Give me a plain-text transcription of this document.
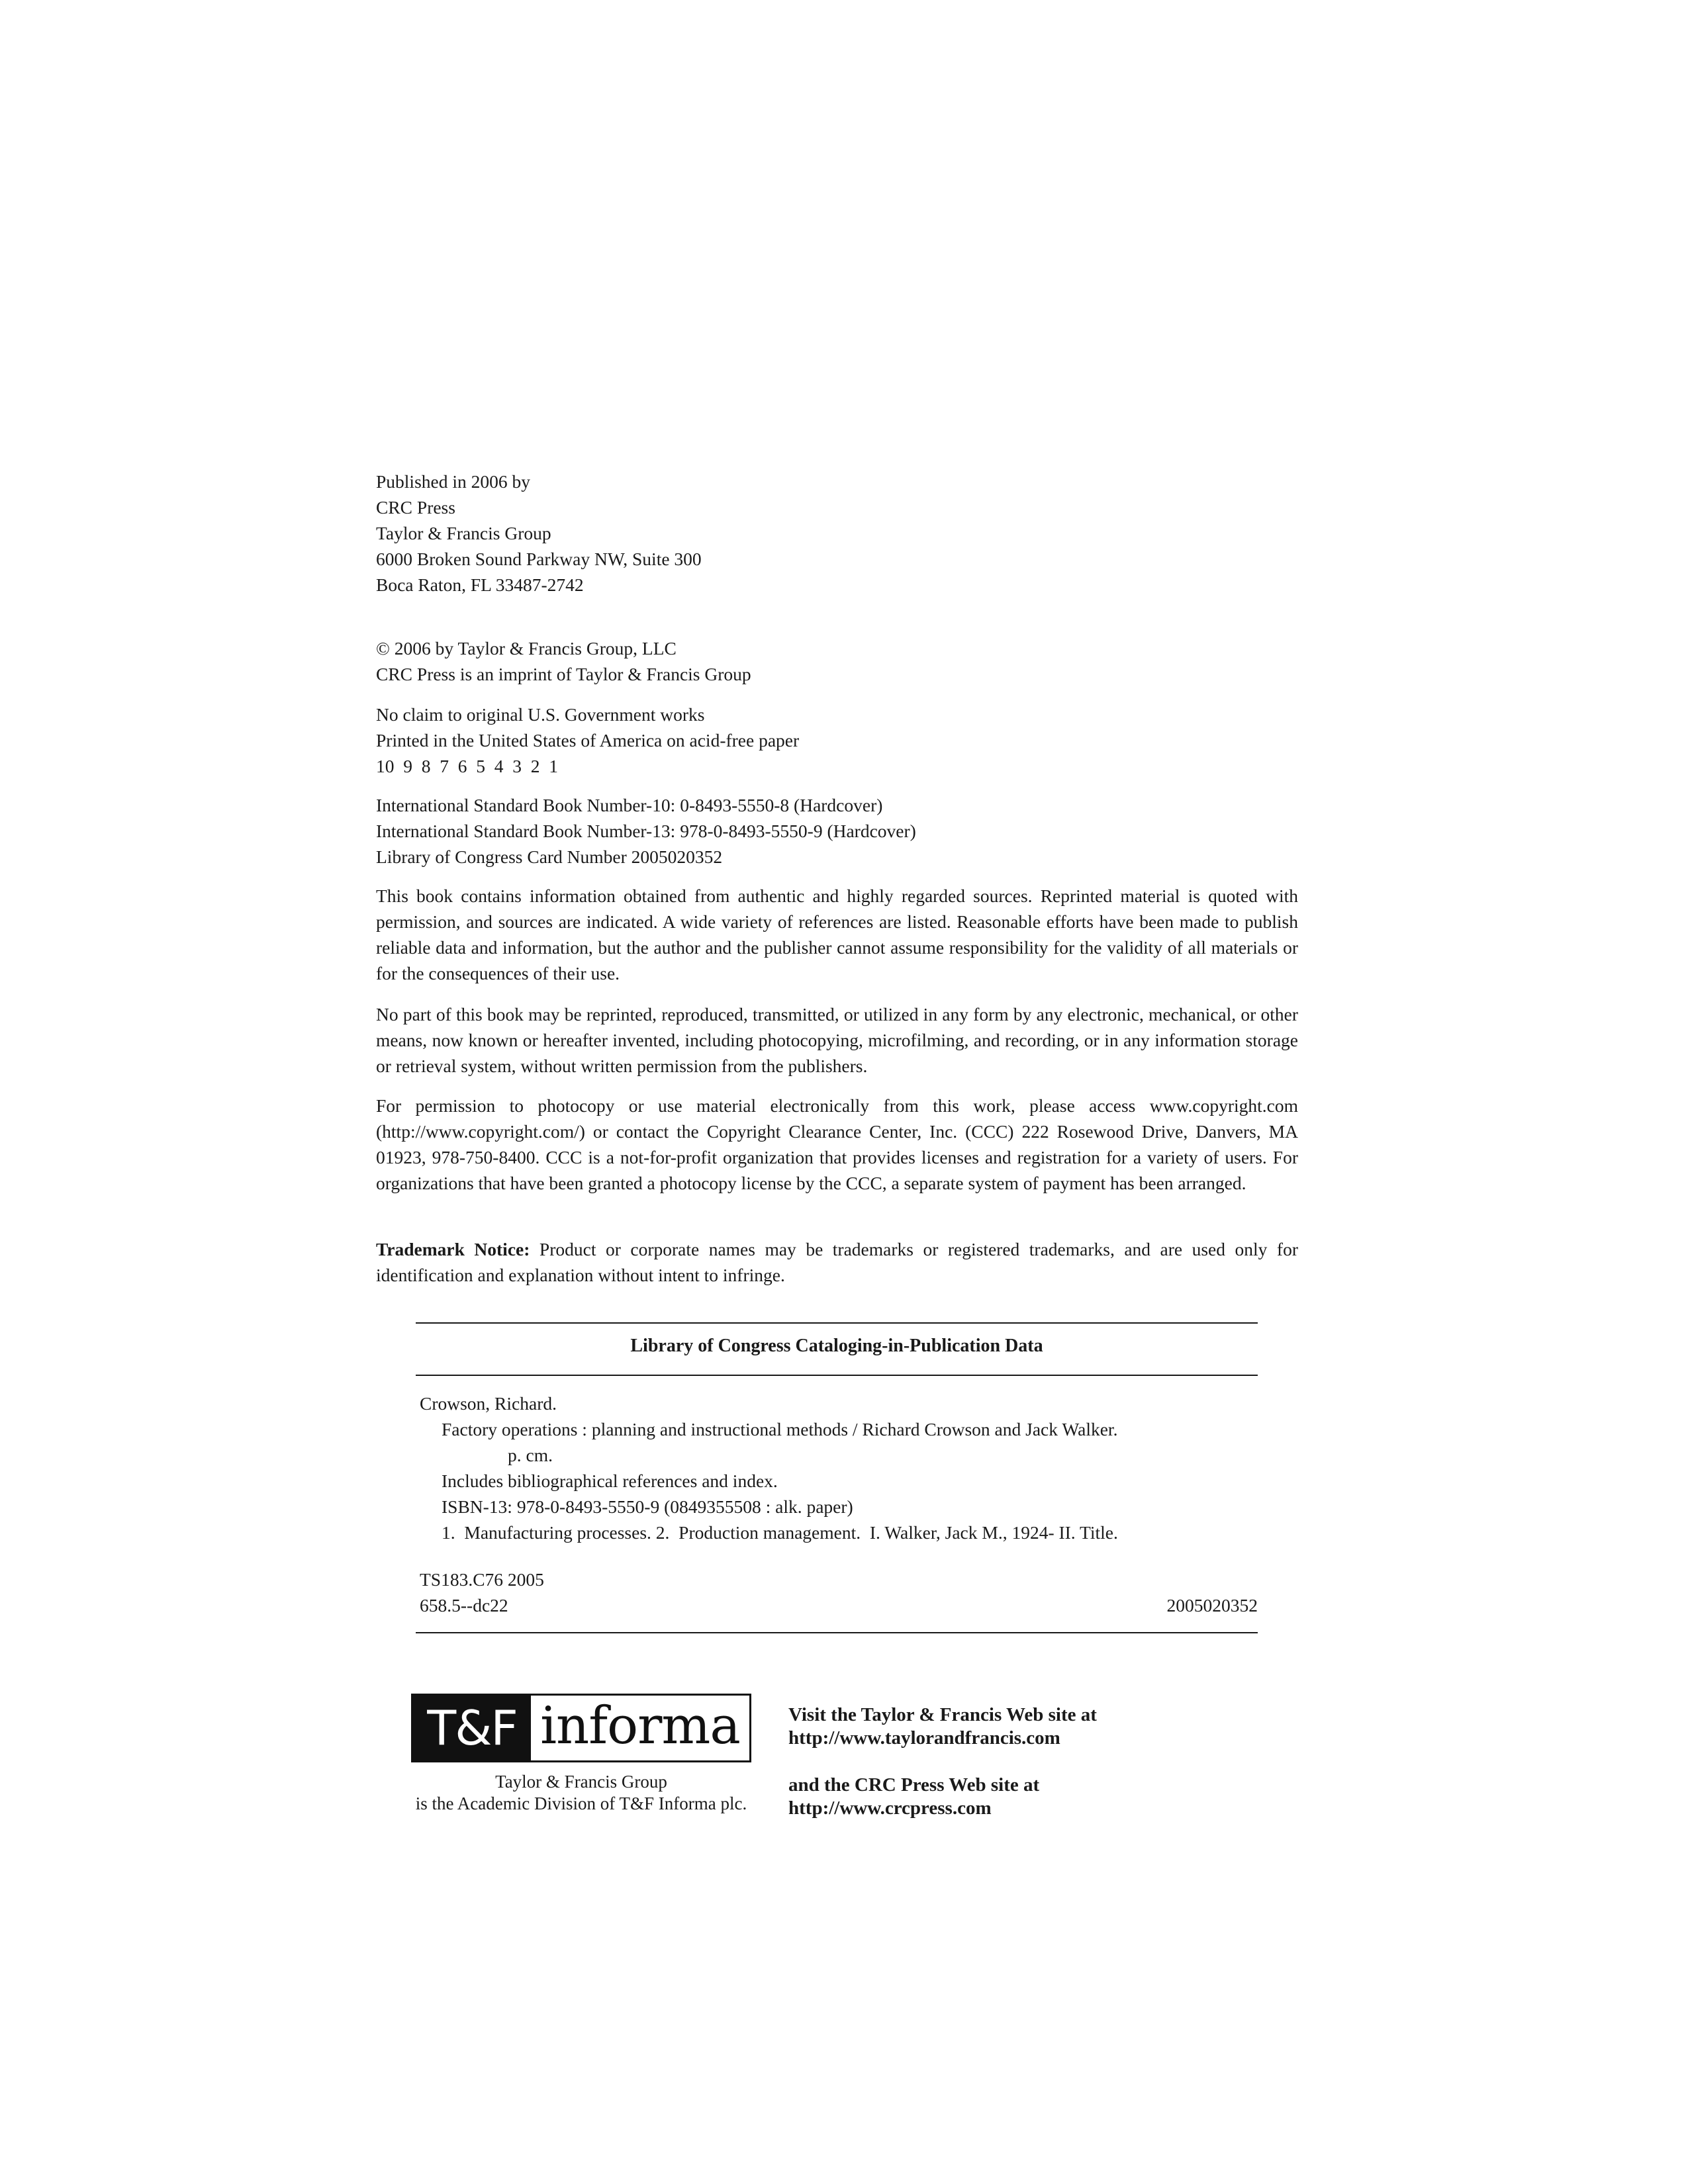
Published in 2006 by
CRC Press
Taylor & Francis Group
6000 Broken Sound Parkway NW, Suite 300
Boca Raton, FL 33487-2742
© 2006 by Taylor & Francis Group, LLC
CRC Press is an imprint of Taylor & Francis Group
No claim to original U.S. Government works
Printed in the United States of America on acid-free paper
10  9  8  7  6  5  4  3  2  1
International Standard Book Number-10: 0-8493-5550-8 (Hardcover)
International Standard Book Number-13: 978-0-8493-5550-9 (Hardcover)
Library of Congress Card Number 2005020352
This book contains information obtained from authentic and highly regarded sources. Reprinted material is quoted with permission, and sources are indicated. A wide variety of references are listed. Reasonable efforts have been made to publish reliable data and information, but the author and the publisher cannot assume responsibility for the validity of all materials or for the consequences of their use.
No part of this book may be reprinted, reproduced, transmitted, or utilized in any form by any electronic, mechanical, or other means, now known or hereafter invented, including photocopying, microfilming, and recording, or in any information storage or retrieval system, without written permission from the publishers.
For permission to photocopy or use material electronically from this work, please access www.copyright.com (http://www.copyright.com/) or contact the Copyright Clearance Center, Inc. (CCC) 222 Rosewood Drive, Danvers, MA 01923, 978-750-8400. CCC is a not-for-profit organization that provides licenses and registration for a variety of users. For organizations that have been granted a photocopy license by the CCC, a separate system of payment has been arranged.
Trademark Notice: Product or corporate names may be trademarks or registered trademarks, and are used only for identification and explanation without intent to infringe.
Library of Congress Cataloging-in-Publication Data
Crowson, Richard.
Factory operations : planning and instructional methods / Richard Crowson and Jack Walker.
p. cm.
Includes bibliographical references and index.
ISBN-13: 978-0-8493-5550-9 (0849355508 : alk. paper)
1.  Manufacturing processes. 2.  Production management.  I. Walker, Jack M., 1924- II. Title.
TS183.C76 2005
658.5--dc22	2005020352
T&F informa
Taylor & Francis Group
is the Academic Division of T&F Informa plc.
Visit the Taylor & Francis Web site at
http://www.taylorandfrancis.com
and the CRC Press Web site at
http://www.crcpress.com
